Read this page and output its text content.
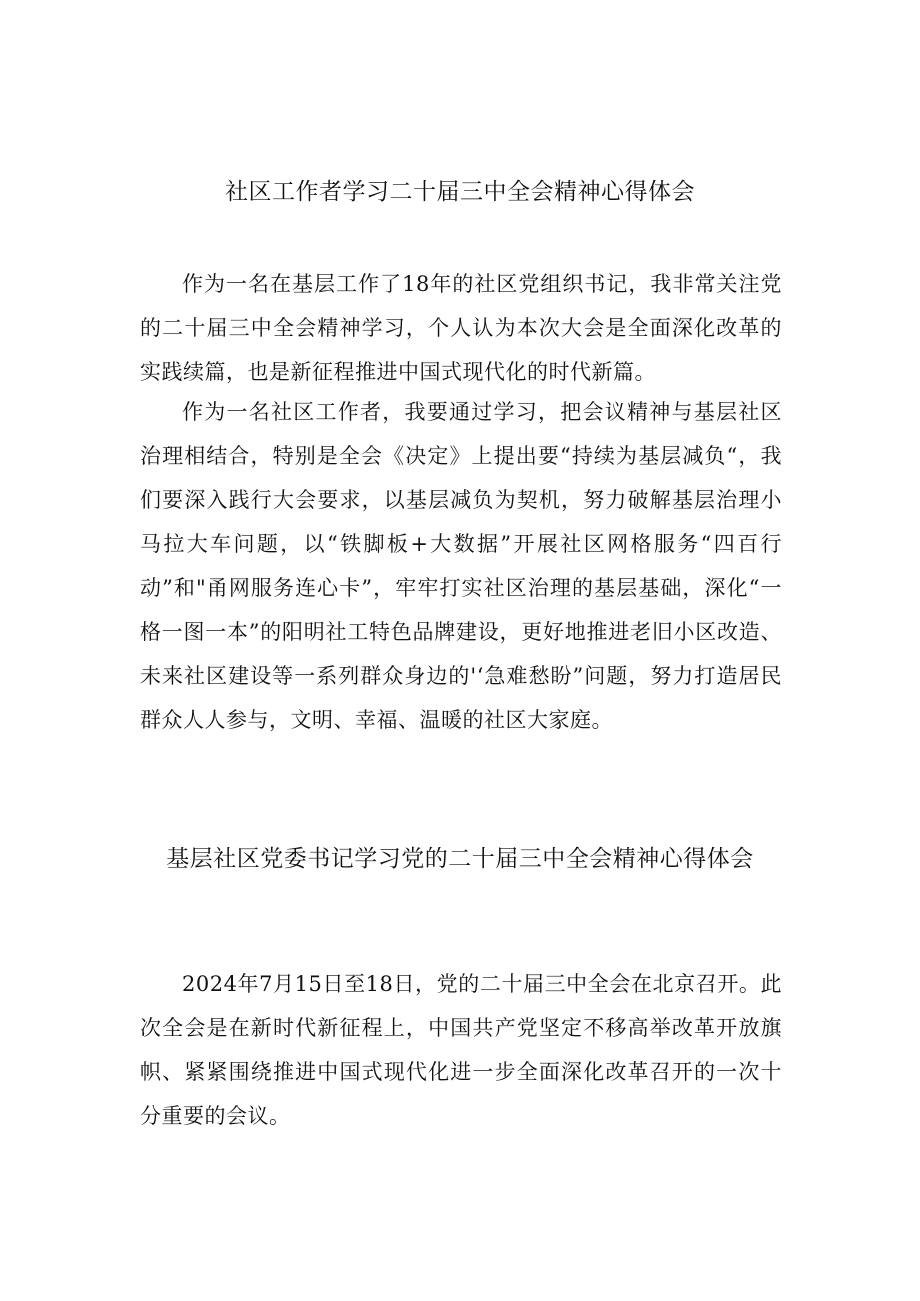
社区工作者学习二十届三中全会精神心得体会

作为一名在基层工作了18年的社区党组织书记，我非常关注党的二十届三中全会精神学习，个人认为本次大会是全面深化改革的实践续篇，也是新征程推进中国式现代化的时代新篇。

作为一名社区工作者，我要通过学习，把会议精神与基层社区治理相结合，特别是全会《决定》上提出要“持续为基层减负“，我们要深入践行大会要求，以基层减负为契机，努力破解基层治理小马拉大车问题，以“铁脚板+大数据”开展社区网格服务“四百行动”和"甬网服务连心卡”，牢牢打实社区治理的基层基础，深化“一格一图一本”的阳明社工特色品牌建设，更好地推进老旧小区改造、未来社区建设等一系列群众身边的'‘急难愁盼”问题，努力打造居民群众人人参与，文明、幸福、温暖的社区大家庭。

基层社区党委书记学习党的二十届三中全会精神心得体会

2024年7月15日至18日，党的二十届三中全会在北京召开。此次全会是在新时代新征程上，中国共产党坚定不移高举改革开放旗帜、紧紧围绕推进中国式现代化进一步全面深化改革召开的一次十分重要的会议。
